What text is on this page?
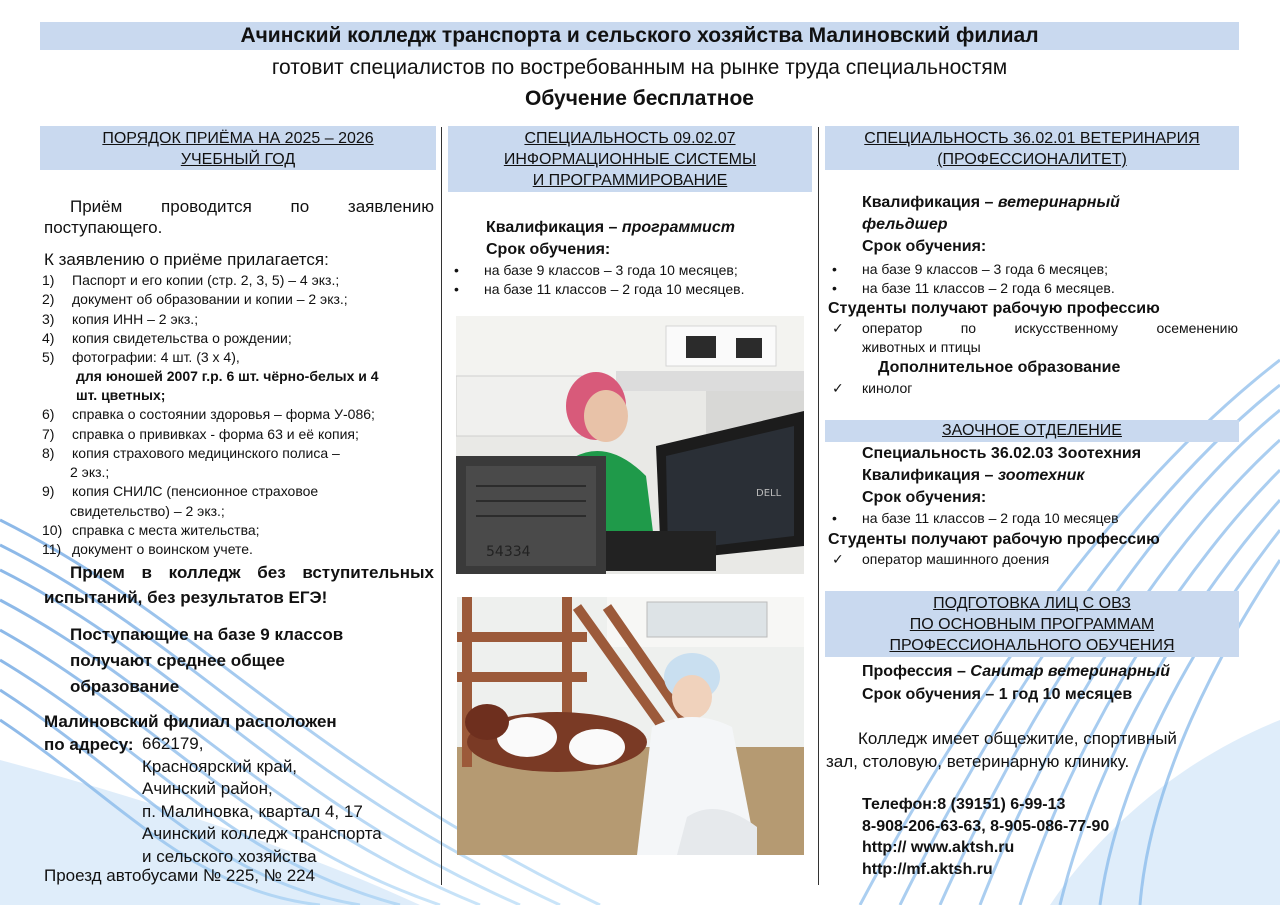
Ачинский колледж транспорта и сельского хозяйства Малиновский филиал
готовит специалистов по востребованным на рынке труда специальностям
Обучение бесплатное
ПОРЯДОК ПРИЁМА НА 2025 – 2026
УЧЕБНЫЙ ГОД
Приём проводится по заявлению
поступающего.
К заявлению о приёме прилагается:
1)	Паспорт и его копии (стр. 2, 3, 5) – 4 экз.;
2)	документ об образовании и копии – 2 экз.;
3)	копия ИНН – 2 экз.;
4)	копия свидетельства о рождении;
5)	фотографии: 4 шт. (3 х 4),
для юношей 2007 г.р. 6 шт. чёрно-белых и 4
шт. цветных;
6)	справка о состоянии здоровья – форма У-086;
7)	справка о прививках - форма 63 и её копия;
8)	копия страхового медицинского полиса –
2 экз.;
9)	копия СНИЛС (пенсионное страховое
свидетельство) – 2 экз.;
10) справка с места жительства;
11) документ о воинском учете.
Прием в колледж без вступительных
испытаний, без результатов ЕГЭ!
Поступающие на базе 9 классов
получают среднее общее
образование
Малиновский филиал расположен
по адресу: 662179,
Красноярский край,
Ачинский район,
п. Малиновка, квартал 4, 17
Ачинский колледж транспорта
и сельского хозяйства
Проезд автобусами № 225, № 224
СПЕЦИАЛЬНОСТЬ 09.02.07
ИНФОРМАЦИОННЫЕ СИСТЕМЫ
И ПРОГРАММИРОВАНИЕ
Квалификация – программист
Срок обучения:
•	на базе 9 классов – 3 года 10 месяцев;
•	на базе 11 классов – 2 года 10 месяцев.
54334
DELL
СПЕЦИАЛЬНОСТЬ 36.02.01 ВЕТЕРИНАРИЯ
(ПРОФЕССИОНАЛИТЕТ)
Квалификация – ветеринарный
фельдшер
Срок обучения:
•	на базе 9 классов – 3 года 6 месяцев;
•	на базе 11 классов – 2 года 6 месяцев.
Студенты получают рабочую профессию
✓	оператор по искусственному осеменению
животных и птицы
Дополнительное образование
✓	кинолог
ЗАОЧНОЕ ОТДЕЛЕНИЕ
Специальность 36.02.03 Зоотехния
Квалификация – зоотехник
Срок обучения:
•	на базе 11 классов – 2 года 10 месяцев
Студенты получают рабочую профессию
✓	оператор машинного доения
ПОДГОТОВКА ЛИЦ С ОВЗ
ПО ОСНОВНЫМ ПРОГРАММАМ
ПРОФЕССИОНАЛЬНОГО ОБУЧЕНИЯ
Профессия – Санитар ветеринарный
Срок обучения – 1 год 10 месяцев
Колледж имеет общежитие, спортивный
зал, столовую, ветеринарную клинику.
Телефон:8 (39151) 6-99-13
8-908-206-63-63, 8-905-086-77-90
http:// www.aktsh.ru
http://mf.aktsh.ru
